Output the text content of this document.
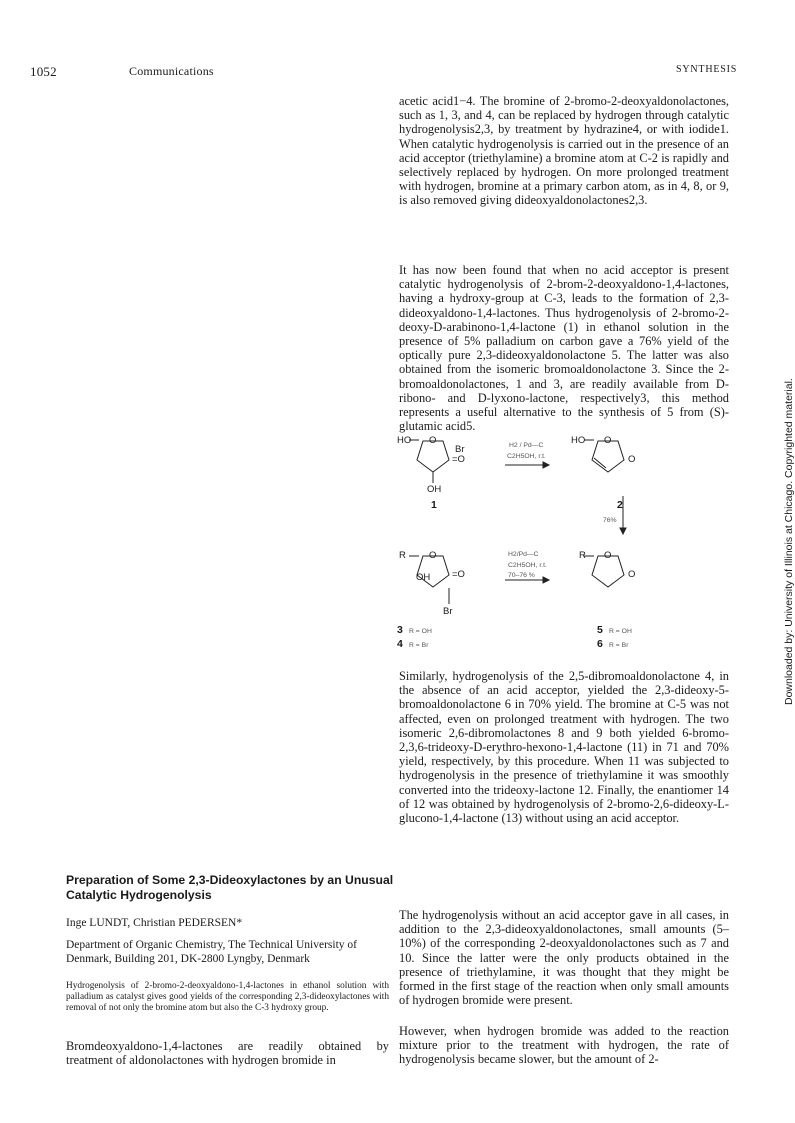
1052	Communications	SYNTHESIS
acetic acid1−4. The bromine of 2-bromo-2-deoxyaldonolactones, such as 1, 3, and 4, can be replaced by hydrogen through catalytic hydrogenolysis2,3, by treatment by hydrazine4, or with iodide1. When catalytic hydrogenolysis is carried out in the presence of an acid acceptor (triethylamine) a bromine atom at C-2 is rapidly and selectively replaced by hydrogen. On more prolonged treatment with hydrogen, bromine at a primary carbon atom, as in 4, 8, or 9, is also removed giving dideoxyaldonolactones2,3.
It has now been found that when no acid acceptor is present catalytic hydrogenolysis of 2-brom-2-deoxyaldono-1,4-lactones, having a hydroxy-group at C-3, leads to the formation of 2,3-dideoxyaldono-1,4-lactones. Thus hydrogenolysis of 2-bromo-2-deoxy-D-arabinono-1,4-lactone (1) in ethanol solution in the presence of 5% palladium on carbon gave a 76% yield of the optically pure 2,3-dideoxyaldonolactone 5. The latter was also obtained from the isomeric bromoaldonolactone 3. Since the 2-bromoaldonolactones, 1 and 3, are readily available from D-ribono- and D-lyxono-lactone, respectively3, this method represents a useful alternative to the synthesis of 5 from (S)-glutamic acid5.
HO O
=O
Br
OH
1
H2 / Pd—C
C2H5OH, r.t.
HO O
O
2
76%
R O
OH =O
Br
H2/Pd—C
C2H5OH, r.t.
70–76 %
R O
O
3 R = OH
4 R = Br
5 R = OH
6 R = Br
Similarly, hydrogenolysis of the 2,5-dibromoaldonolactone 4, in the absence of an acid acceptor, yielded the 2,3-dideoxy-5-bromoaldonolactone 6 in 70% yield. The bromine at C-5 was not affected, even on prolonged treatment with hydrogen. The two isomeric 2,6-dibromolactones 8 and 9 both yielded 6-bromo-2,3,6-trideoxy-D-erythro-hexono-1,4-lactone (11) in 71 and 70% yield, respectively, by this procedure. When 11 was subjected to hydrogenolysis in the presence of triethylamine it was smoothly converted into the trideoxy-lactone 12. Finally, the enantiomer 14 of 12 was obtained by hydrogenolysis of 2-bromo-2,6-dideoxy-L-glucono-1,4-lactone (13) without using an acid acceptor.
The hydrogenolysis without an acid acceptor gave in all cases, in addition to the 2,3-dideoxyaldonolactones, small amounts (5–10%) of the corresponding 2-deoxyaldonolactones such as 7 and 10. Since the latter were the only products obtained in the presence of triethylamine, it was thought that they might be formed in the first stage of the reaction when only small amounts of hydrogen bromide were present.
However, when hydrogen bromide was added to the reaction mixture prior to the treatment with hydrogen, the rate of hydrogenolysis became slower, but the amount of 2-
Preparation of Some 2,3-Dideoxylactones by an Unusual Catalytic Hydrogenolysis
Inge LUNDT, Christian PEDERSEN*
Department of Organic Chemistry, The Technical University of Denmark, Building 201, DK-2800 Lyngby, Denmark
Hydrogenolysis of 2-bromo-2-deoxyaldono-1,4-lactones in ethanol solution with palladium as catalyst gives good yields of the corresponding 2,3-dideoxylactones with removal of not only the bromine atom but also the C-3 hydroxy group.
Bromdeoxyaldono-1,4-lactones are readily obtained by treatment of aldonolactones with hydrogen bromide in
Downloaded by: University of Illinois at Chicago. Copyrighted material.
